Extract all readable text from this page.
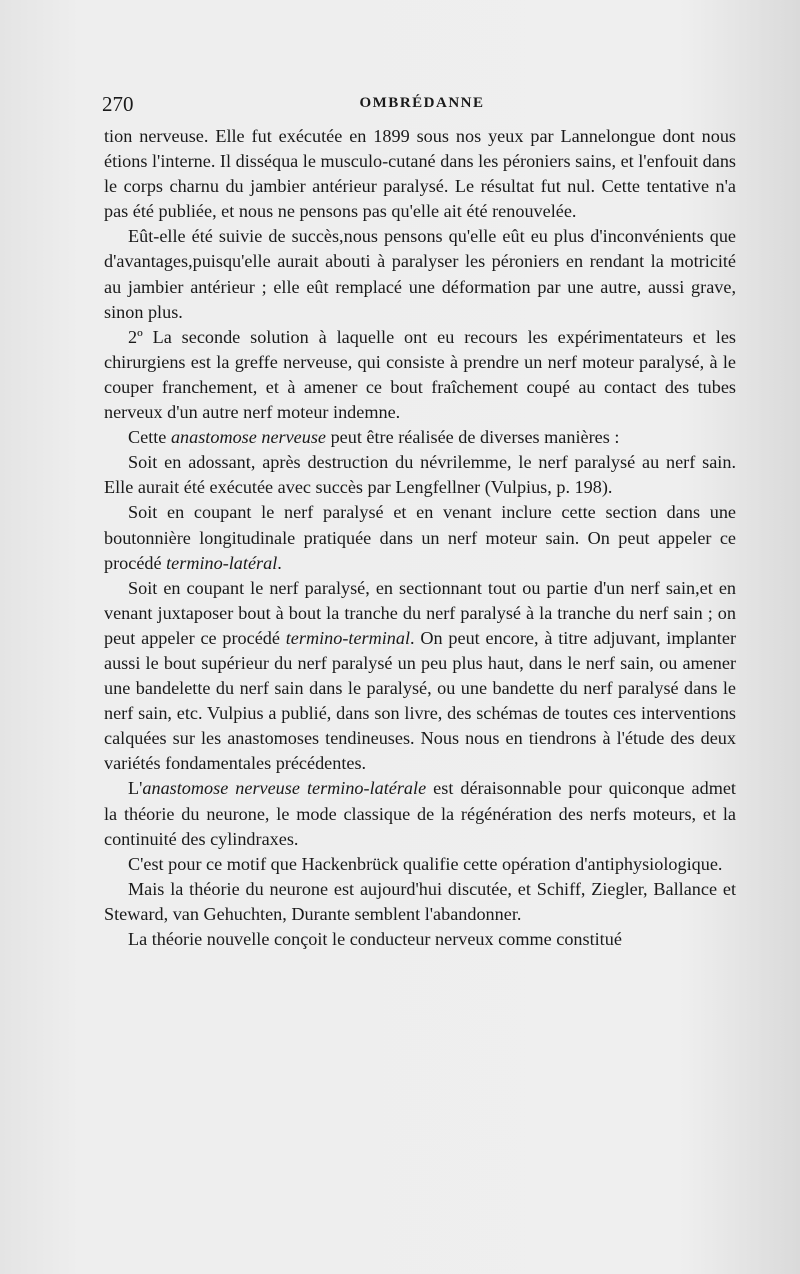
270	OMBRÉDANNE

tion nerveuse. Elle fut exécutée en 1899 sous nos yeux par Lannelongue dont nous étions l'interne. Il disséqua le musculo-cutané dans les péroniers sains, et l'enfouit dans le corps charnu du jambier antérieur paralysé. Le résultat fut nul. Cette tentative n'a pas été publiée, et nous ne pensons pas qu'elle ait été renouvelée.

Eût-elle été suivie de succès,nous pensons qu'elle eût eu plus d'inconvénients que d'avantages,puisqu'elle aurait abouti à paralyser les péroniers en rendant la motricité au jambier antérieur ; elle eût remplacé une déformation par une autre, aussi grave, sinon plus.

2º La seconde solution à laquelle ont eu recours les expérimentateurs et les chirurgiens est la greffe nerveuse, qui consiste à prendre un nerf moteur paralysé, à le couper franchement, et à amener ce bout fraîchement coupé au contact des tubes nerveux d'un autre nerf moteur indemne.

Cette anastomose nerveuse peut être réalisée de diverses manières :

Soit en adossant, après destruction du névrilemme, le nerf paralysé au nerf sain. Elle aurait été exécutée avec succès par Lengfellner (Vulpius, p. 198).

Soit en coupant le nerf paralysé et en venant inclure cette section dans une boutonnière longitudinale pratiquée dans un nerf moteur sain. On peut appeler ce procédé termino-latéral.

Soit en coupant le nerf paralysé, en sectionnant tout ou partie d'un nerf sain,et en venant juxtaposer bout à bout la tranche du nerf paralysé à la tranche du nerf sain ; on peut appeler ce procédé termino-terminal. On peut encore, à titre adjuvant, implanter aussi le bout supérieur du nerf paralysé un peu plus haut, dans le nerf sain, ou amener une bandelette du nerf sain dans le paralysé, ou une bandette du nerf paralysé dans le nerf sain, etc. Vulpius a publié, dans son livre, des schémas de toutes ces interventions calquées sur les anastomoses tendineuses. Nous nous en tiendrons à l'étude des deux variétés fondamentales précédentes.

L'anastomose nerveuse termino-latérale est déraisonnable pour quiconque admet la théorie du neurone, le mode classique de la régénération des nerfs moteurs, et la continuité des cylindraxes.

C'est pour ce motif que Hackenbrück qualifie cette opération d'antiphysiologique.

Mais la théorie du neurone est aujourd'hui discutée, et Schiff, Ziegler, Ballance et Steward, van Gehuchten, Durante semblent l'abandonner.

La théorie nouvelle conçoit le conducteur nerveux comme constitué
